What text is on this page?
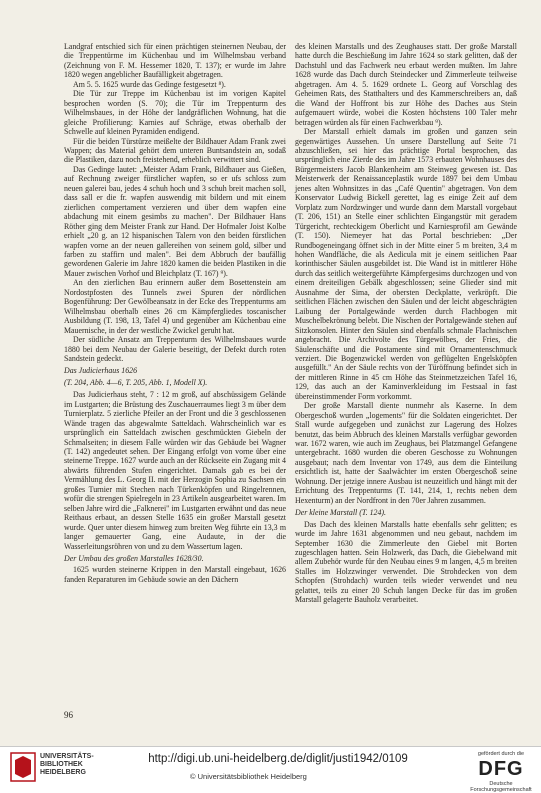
Landgraf entschied sich für einen prächtigen steinernen Neubau, der die Treppentürme im Küchenbau und im Wilhelmsbau verband (Zeichnung von F. M. Hessemer 1820, T. 137); er wurde im Jahre 1820 wegen angeblicher Baufälligkeit abgetragen.

Am 5. 5. 1625 wurde das Gedinge festgesetzt ⁸).

Die Tür zur Treppe im Küchenbau ist im vorigen Kapitel besprochen worden (S. 70); die Tür im Treppenturm des Wilhelmsbaues, in der Höhe der landgräflichen Wohnung, hat die gleiche Profilierung: Karnies auf Schräge, etwas oberhalb der Schwelle auf kleinen Pyramiden endigend.

Für die beiden Türstürze meißelte der Bildhauer Adam Frank zwei Wappen; das Material gehört dem unteren Buntsandstein an, sodaß die Plastiken, dazu noch freistehend, erheblich verwittert sind.

Das Gedinge lautet: „Meister Adam Frank, Bildhauer aus Gießen, auf Rechnung zweiger fürstlicher wapfen, so er ufs schloss zum neuen galerei bau, jedes 4 schuh hoch und 3 schuh breit machen soll, dass sall er die fr. wapfen auswendig mit bildern und mit einem zierlichen compertament verzieren und über dem wapfen eine abdachung mit einem gesimbs zu machen". Der Bildhauer Hans Röther ging dem Meister Frank zur Hand. Der Hofmaler Joist Kolbe erhielt „20 g. an 12 hispanischen Talern von den beiden fürstlichen wapfen vorne an der neuen gallereihen von seinem gold, silber und farben zu staffirn und malen". Bei dem Abbruch der baufällig gewordenen Galerie im Jahre 1820 kamen die beiden Plastiken in die Mauer zwischen Vorhof und Bleichplatz (T. 167) ⁹).

An den zierlichen Bau erinnern außer dem Bosettenstein am Nordostpfosten des Tunnels zwei Spuren der nördlichen Bogenführung: Der Gewölbeansatz in der Ecke des Treppenturms am Wilhelmsbau oberhalb eines 26 cm Kämpfergliedes toscanischer Ausbildung (T. 198, 13, Tafel 4) und gegenüber am Küchenbau eine Mauernische, in der der westliche Zwickel geruht hat.

Der südliche Ansatz am Treppenturm des Wilhelmsbaues wurde 1880 bei dem Neubau der Galerie beseitigt, der Defekt durch roten Sandstein gedeckt.

Das Judicierhaus 1626

(T. 204, Abb. 4—6, T. 205, Abb. 1, Modell X).

Das Judicierhaus steht, 7 : 12 m groß, auf abschüssigem Gelände im Lustgarten; die Brüstung des Zuschauerraumes liegt 3 m über dem Turnierplatz. 5 zierliche Pfeiler an der Front und die 3 geschlossenen Wände tragen das abgewalmte Satteldach. Wahrscheinlich war es ursprünglich ein Satteldach zwischen geschmückten Giebeln der Schmalseiten; in diesem Falle würden wir das Gebäude bei Wagner (T. 142) angedeutet sehen. Der Eingang erfolgt von vorne über eine steinerne Treppe. 1627 wurde auch an der Rückseite ein Zugang mit 4 abwärts führenden Stufen eingerichtet. Damals gab es bei der Vermählung des L. Georg II. mit der Herzogin Sophia zu Sachsen ein großes Turnier mit Stechen nach Türkenköpfen und Ringelrennen, wofür die strengen Spielregeln in 23 Artikeln ausgearbeitet waren. Im selben Jahre wird die „Falknerei" im Lustgarten erwähnt und das neue Reithaus erbaut, an dessen Stelle 1635 ein großer Marstall gesetzt wurde. Quer unter diesem hinweg zum breiten Weg führte ein 13,3 m langer gemauerter Gang, eine Audaute, in der die Wasserleitungsröhren von und zu dem Wassertum lagen.

Der Umbau des großen Marstalles 1628/30.

1625 wurden steinerne Krippen in den Marstall eingebaut, 1626 fanden Reparaturen im Gebäude sowie an den Dächern

des kleinen Marstalls und des Zeughauses statt. Der große Marstall hatte durch die Beschießung im Jahre 1624 so stark gelitten, daß der Dachstuhl und das Fachwerk neu erbaut werden mußten. Im Jahre 1628 wurde das Dach durch Steindecker und Zimmerleute teilweise abgetragen. Am 4. 5. 1629 ordnete L. Georg auf Vorschlag des Geheimen Rats, des Statthalters und des Kammerschreibers an, daß die Wand der Hoffront bis zur Höhe des Daches aus Stein aufgemauert würde, wobei die Kosten höchstens 100 Taler mehr betragen würden als für einen Fachwerkbau ⁹).

Der Marstall erhielt damals im großen und ganzen sein gegenwärtiges Aussehen. Un unsere Darstellung auf Seite 71 abzuschließen, sei hier das prächtige Portal besprochen, das ursprünglich eine Zierde des im Jahre 1573 erbauten Wohnhauses des Bürgermeisters Jacob Blankenheim am Steinweg gewesen ist. Das Meisterwerk der Renaissanceplastik wurde 1897 bei dem Umbau jenes alten Wohnsitzes in das „Café Quentin" abgetragen. Von dem Konservator Ludwig Bickell gerettet, lag es einige Zeit auf dem Vorplatz zum Nordzwinger und wurde dann dem Marstall vorgebaut (T. 206, 151) an Stelle einer schlichten Eingangstür mit geradem Türgericht, rechteckigem Oberlicht und Karniesprofil am Gewände (T. 150). Niemeyer hat das Portal beschrieben: „Der Rundbogeneingang öffnet sich in der Mitte einer 5 m breiten, 3,4 m hohen Wandfläche, die als Aedicula mit je einem seitlichen Paar korinthischer Säulen ausgebildet ist. Die Wand ist in mittlerer Höhe durch das seitlich weitergeführte Kämpfergesims durchzogen und von einem dreiteiligen Gebälk abgeschlossen; seine Glieder sind mit Ausnahme der Sima, der obersten Deckplatte, verkröpft. Die seitlichen Flächen zwischen den Säulen und der leicht abgeschrägten Laibung der Portalgewände werden durch Flachbogen mit Muschelbekrönung belebt. Die Nischen der Portalgewände stehen auf Sitzkonsolen. Hinter den Säulen sind ebenfalls schmale Flachnischen angebracht. Die Archivolte des Türgewölbes, der Fries, die Säulenschäfte und die Postamente sind mit Ornamentenschmuck verziert. Die Bogenzwickel werden von geflügelten Engelsköpfen ausgefüllt." An der Säule rechts von der Türöffnung befindet sich in der mittleren Rinne in 45 cm Höhe das Steinmetzzeichen Tafel 16, 129, das auch an der Kaminverkleidung im Festsaal in fast übereinstimmender Form vorkommt.

Der große Marstall diente nunmehr als Kaserne. In dem Obergeschoß wurden „logements" für die Soldaten eingerichtet. Der Stall wurde aufgegeben und zunächst zur Lagerung des Holzes benutzt, das beim Abbruch des kleinen Marstalls verfügbar geworden war. 1672 waren, wie auch im Zeughaus, bei Platzmangel Gefangene untergebracht. 1680 wurden die oberen Geschosse zu Wohnungen ausgebaut; nach dem Inventar von 1749, aus dem die Einteilung ersichtlich ist, hatte der Saalwächter im ersten Obergeschoß seine Wohnung. Der jetzige innere Ausbau ist neuzeitlich und hängt mit der Errichtung des Treppenturms (T. 141, 214, 1, rechts neben dem Hexenturm) an der Nordfront in den 70er Jahren zusammen.

Der kleine Marstall (T. 124).

Das Dach des kleinen Marstalls hatte ebenfalls sehr gelitten; es wurde im Jahre 1631 abgenommen und neu gebaut, nachdem im September 1630 die Zimmerleute den Giebel mit Borten zugeschlagen hatten. Sein Holzwerk, das Dach, die Giebelwand mit allem Zubehör wurde für den Neubau eines 9 m langen, 4,5 m breiten Stalles im Holzzwinger verwendet. Die Strohdecken von dem Schopfen (Strohdach) wurden teils wieder verwendet und neu gelattet, teils zu einer 20 Schuh langen Decke für das im großen Marstall gelagerte Bauholz verarbeitet.

96
UNIVERSITÄTS-
BIBLIOTHEK
HEIDELBERG
http://digi.ub.uni-heidelberg.de/diglit/justi1942/0109
© Universitätsbibliothek Heidelberg
gefördert durch die
DFG
Deutsche
Forschungsgemeinschaft
